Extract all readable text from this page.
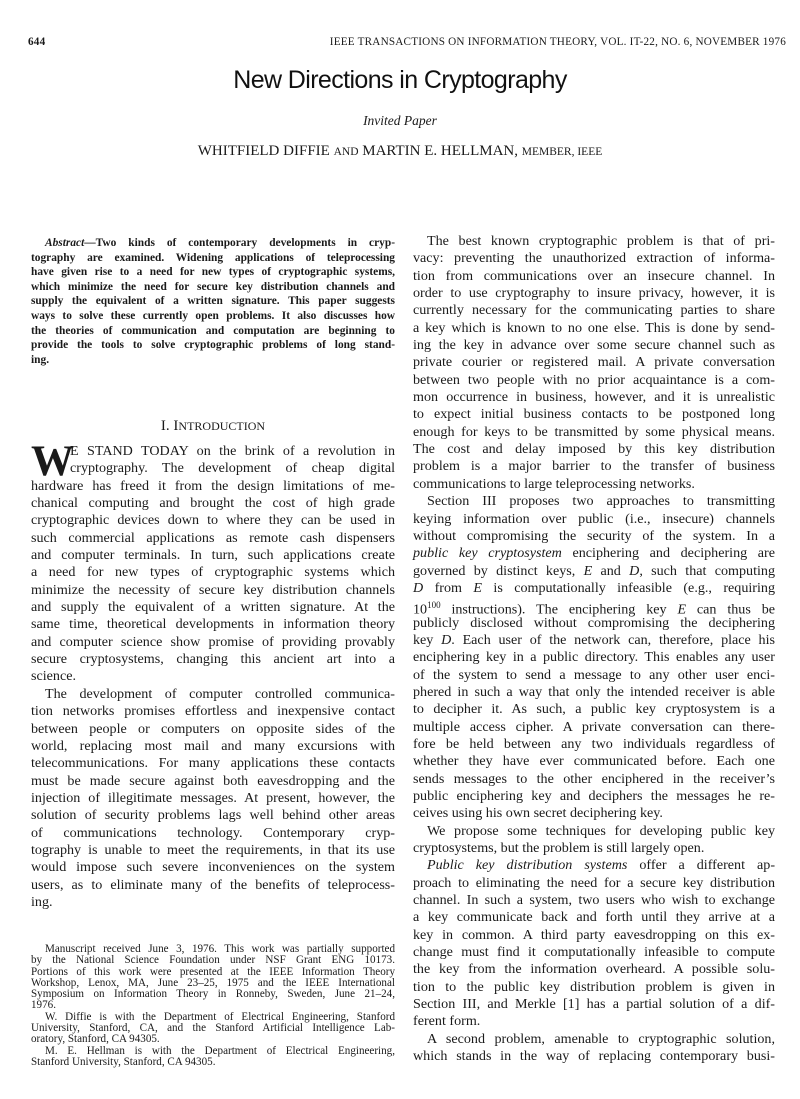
644	IEEE TRANSACTIONS ON INFORMATION THEORY, VOL. IT-22, NO. 6, NOVEMBER 1976
New Directions in Cryptography
Invited Paper
WHITFIELD DIFFIE AND MARTIN E. HELLMAN, MEMBER, IEEE
Abstract—Two kinds of contemporary developments in cryp-
tography are examined. Widening applications of teleprocessing
have given rise to a need for new types of cryptographic systems,
which minimize the need for secure key distribution channels and
supply the equivalent of a written signature. This paper suggests
ways to solve these currently open problems. It also discusses how
the theories of communication and computation are beginning to
provide the tools to solve cryptographic problems of long stand-
ing.
I. INTRODUCTION
W
E STAND TODAY on the brink of a revolution in
cryptography. The development of cheap digital
hardware has freed it from the design limitations of me-
chanical computing and brought the cost of high grade
cryptographic devices down to where they can be used in
such commercial applications as remote cash dispensers
and computer terminals. In turn, such applications create
a need for new types of cryptographic systems which
minimize the necessity of secure key distribution channels
and supply the equivalent of a written signature. At the
same time, theoretical developments in information theory
and computer science show promise of providing provably
secure cryptosystems, changing this ancient art into a
science.
The development of computer controlled communica-
tion networks promises effortless and inexpensive contact
between people or computers on opposite sides of the
world, replacing most mail and many excursions with
telecommunications. For many applications these contacts
must be made secure against both eavesdropping and the
injection of illegitimate messages. At present, however, the
solution of security problems lags well behind other areas
of communications technology. Contemporary cryp-
tography is unable to meet the requirements, in that its use
would impose such severe inconveniences on the system
users, as to eliminate many of the benefits of teleprocess-
ing.
Manuscript received June 3, 1976. This work was partially supported
by the National Science Foundation under NSF Grant ENG 10173.
Portions of this work were presented at the IEEE Information Theory
Workshop, Lenox, MA, June 23–25, 1975 and the IEEE International
Symposium on Information Theory in Ronneby, Sweden, June 21–24,
1976.
W. Diffie is with the Department of Electrical Engineering, Stanford
University, Stanford, CA, and the Stanford Artificial Intelligence Lab-
oratory, Stanford, CA 94305.
M. E. Hellman is with the Department of Electrical Engineering,
Stanford University, Stanford, CA 94305.
The best known cryptographic problem is that of pri-
vacy: preventing the unauthorized extraction of informa-
tion from communications over an insecure channel. In
order to use cryptography to insure privacy, however, it is
currently necessary for the communicating parties to share
a key which is known to no one else. This is done by send-
ing the key in advance over some secure channel such as
private courier or registered mail. A private conversation
between two people with no prior acquaintance is a com-
mon occurrence in business, however, and it is unrealistic
to expect initial business contacts to be postponed long
enough for keys to be transmitted by some physical means.
The cost and delay imposed by this key distribution
problem is a major barrier to the transfer of business
communications to large teleprocessing networks.
Section III proposes two approaches to transmitting
keying information over public (i.e., insecure) channels
without compromising the security of the system. In a
public key cryptosystem enciphering and deciphering are
governed by distinct keys, E and D, such that computing
D from E is computationally infeasible (e.g., requiring
$10^{100}$ instructions). The enciphering key E can thus be
publicly disclosed without compromising the deciphering
key D. Each user of the network can, therefore, place his
enciphering key in a public directory. This enables any user
of the system to send a message to any other user enci-
phered in such a way that only the intended receiver is able
to decipher it. As such, a public key cryptosystem is a
multiple access cipher. A private conversation can there-
fore be held between any two individuals regardless of
whether they have ever communicated before. Each one
sends messages to the other enciphered in the receiver’s
public enciphering key and deciphers the messages he re-
ceives using his own secret deciphering key.
We propose some techniques for developing public key
cryptosystems, but the problem is still largely open.
Public key distribution systems offer a different ap-
proach to eliminating the need for a secure key distribution
channel. In such a system, two users who wish to exchange
a key communicate back and forth until they arrive at a
key in common. A third party eavesdropping on this ex-
change must find it computationally infeasible to compute
the key from the information overheard. A possible solu-
tion to the public key distribution problem is given in
Section III, and Merkle [1] has a partial solution of a dif-
ferent form.
A second problem, amenable to cryptographic solution,
which stands in the way of replacing contemporary busi-
